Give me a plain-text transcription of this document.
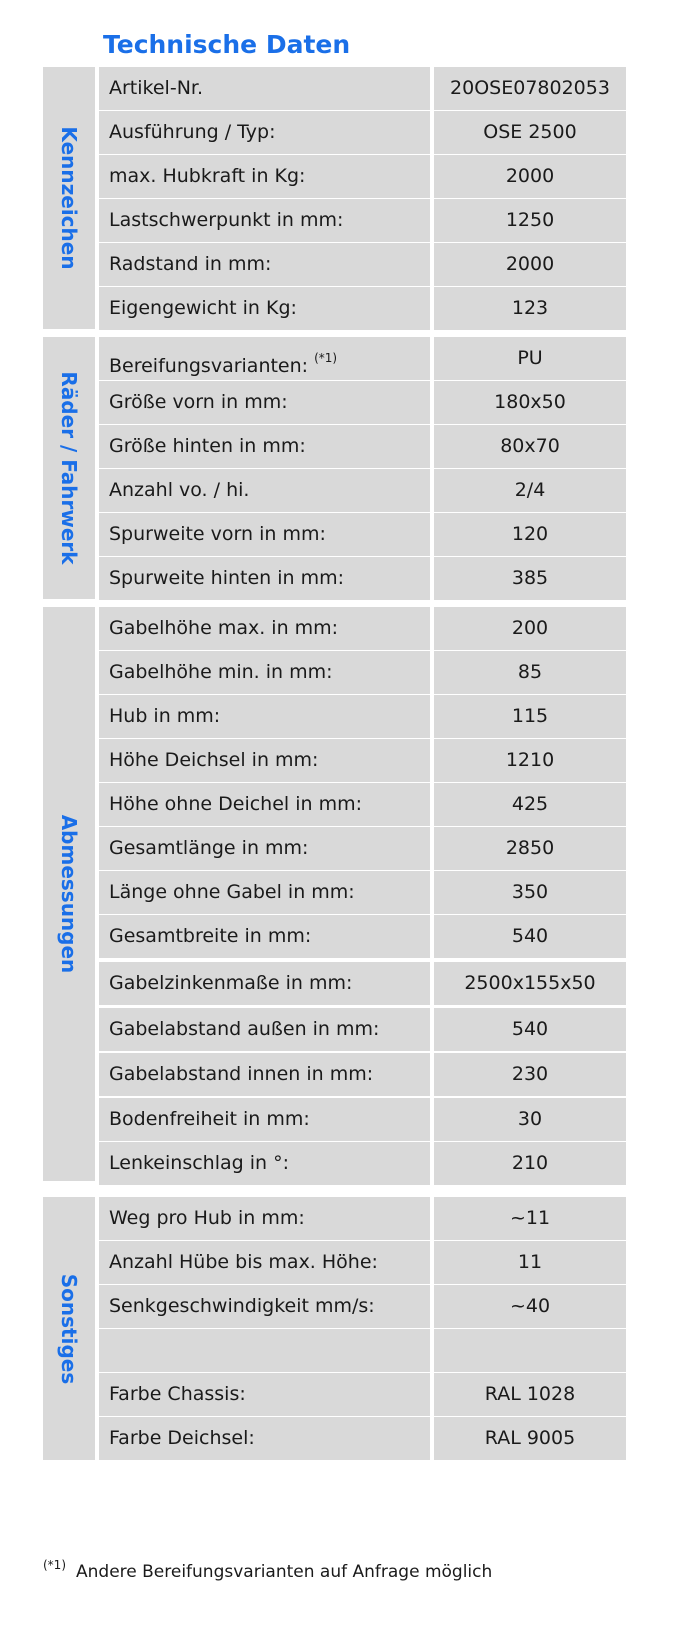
Technische Daten
Kennzeichen
Artikel-Nr.	20OSE07802053
Ausführung / Typ:	OSE 2500
max. Hubkraft in Kg:	2000
Lastschwerpunkt in mm:	1250
Radstand in mm:	2000
Eigengewicht in Kg:	123
Räder / Fahrwerk
Bereifungsvarianten: $^{(*1)}$	PU
Größe vorn in mm:	180x50
Größe hinten in mm:	80x70
Anzahl vo. / hi.	2/4
Spurweite vorn in mm:	120
Spurweite hinten in mm:	385
Abmessungen
Gabelhöhe max. in mm:	200
Gabelhöhe min. in mm:	85
Hub in mm:	115
Höhe Deichsel in mm:	1210
Höhe ohne Deichel in mm:	425
Gesamtlänge in mm:	2850
Länge ohne Gabel in mm:	350
Gesamtbreite in mm:	540
Gabelzinkenmaße in mm:	2500x155x50
Gabelabstand außen in mm:	540
Gabelabstand innen in mm:	230
Bodenfreiheit in mm:	30
Lenkeinschlag in °:	210
Sonstiges
Weg pro Hub in mm:	~11
Anzahl Hübe bis max. Höhe:	11
Senkgeschwindigkeit mm/s:	~40
Farbe Chassis:	RAL 1028
Farbe Deichsel:	RAL 9005
$^{(*1)}$ Andere Bereifungsvarianten auf Anfrage möglich
